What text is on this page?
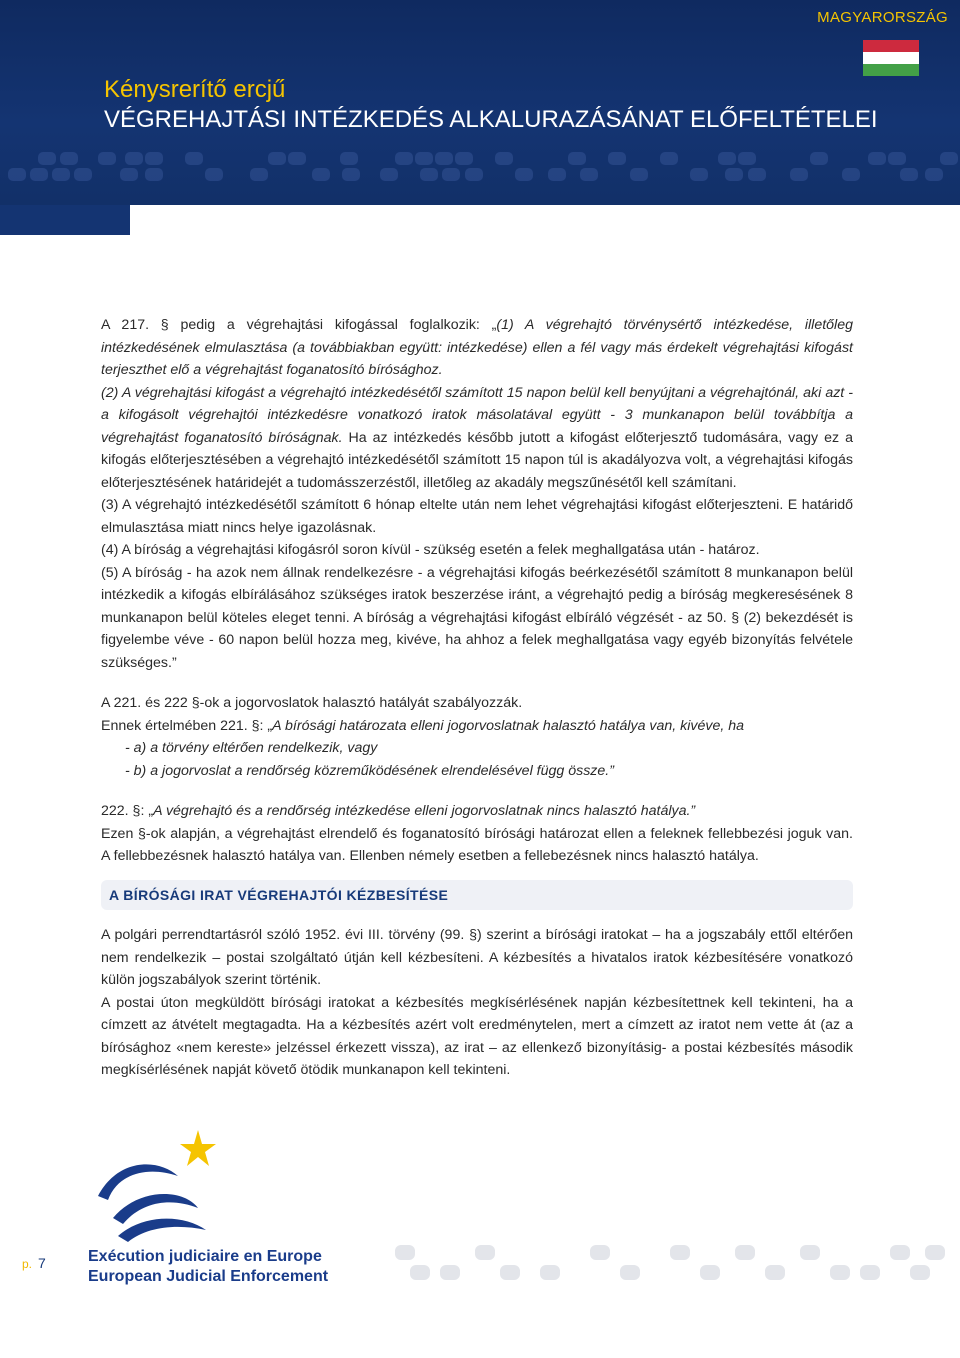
MAGYARORSZÁG
Kénysrerítő ercjű
VÉGREHAJTÁSI INTÉZKEDÉS ALKALURAZÁSÁNAT ELŐFELTÉTELEI

A 217. § pedig a végrehajtási kifogással foglalkozik: „(1) A végrehajtó törvénysértő intézkedése, illetőleg intézkedésének elmulasztása (a továbbiakban együtt: intézkedése) ellen a fél vagy más érdekelt végrehajtási kifogást terjeszthet elő a végrehajtást foganatosító bírósághoz.

(2) A végrehajtási kifogást a végrehajtó intézkedésétől számított 15 napon belül kell benyújtani a végrehajtónál, aki azt - a kifogásolt végrehajtói intézkedésre vonatkozó iratok másolatával együtt - 3 munkanapon belül továbbítja a végrehajtást foganatosító bíróságnak. Ha az intézkedés később jutott a kifogást előterjesztő tudomására, vagy ez a kifogás előterjesztésében a végrehajtó intézkedésétől számított 15 napon túl is akadályozva volt, a végrehajtási kifogás előterjesztésének határidejét a tudomásszerzéstől, illetőleg az akadály megszűnésétől kell számítani.

(3) A végrehajtó intézkedésétől számított 6 hónap eltelte után nem lehet végrehajtási kifogást előterjeszteni. E határidő elmulasztása miatt nincs helye igazolásnak.

(4) A bíróság a végrehajtási kifogásról soron kívül - szükség esetén a felek meghallgatása után - határoz.

(5) A bíróság - ha azok nem állnak rendelkezésre - a végrehajtási kifogás beérkezésétől számított 8 munkanapon belül intézkedik a kifogás elbírálásához szükséges iratok beszerzése iránt, a végrehajtó pedig a bíróság megkeresésének 8 munkanapon belül köteles eleget tenni. A bíróság a végrehajtási kifogást elbíráló végzését - az 50. § (2) bekezdését is figyelembe véve - 60 napon belül hozza meg, kivéve, ha ahhoz a felek meghallgatása vagy egyéb bizonyítás felvétele szükséges.”

A 221. és 222 §-ok a jogorvoslatok halasztó hatályát szabályozzák.

Ennek értelmében 221. §: „A bírósági határozata elleni jogorvoslatnak halasztó hatálya van, kivéve, ha

- a) a törvény eltérően rendelkezik, vagy

- b) a jogorvoslat a rendőrség közreműködésének elrendelésével függ össze.”

222. §: „A végrehajtó és a rendőrség intézkedése elleni jogorvoslatnak nincs halasztó hatálya.”

Ezen §-ok alapján, a végrehajtást elrendelő és foganatosító bírósági határozat ellen a feleknek fellebbezési joguk van. A fellebbezésnek halasztó hatálya van. Ellenben némely esetben a fellebezésnek nincs halasztó hatálya.

A BÍRÓSÁGI IRAT VÉGREHAJTÓI KÉZBESÍTÉSE

A polgári perrendtartásról szóló 1952. évi III. törvény (99. §) szerint a bírósági iratokat – ha a jogszabály ettől eltérően nem rendelkezik – postai szolgáltató útján kell kézbesíteni. A kézbesítés a hivatalos iratok kézbesítésére vonatkozó külön jogszabályok szerint történik.

A postai úton megküldött bírósági iratokat a kézbesítés megkísérlésének napján kézbesítettnek kell tekinteni, ha a címzett az átvételt megtagadta. Ha a kézbesítés azért volt eredménytelen, mert a címzett az iratot nem vette át (az a bírósághoz «nem kereste» jelzéssel érkezett vissza), az irat – az ellenkező bizonyításig- a postai kézbesítés második megkísérlésének napját követő ötödik munkanapon kell tekinteni.

p. 7	Exécution judiciaire en Europe
European Judicial Enforcement
